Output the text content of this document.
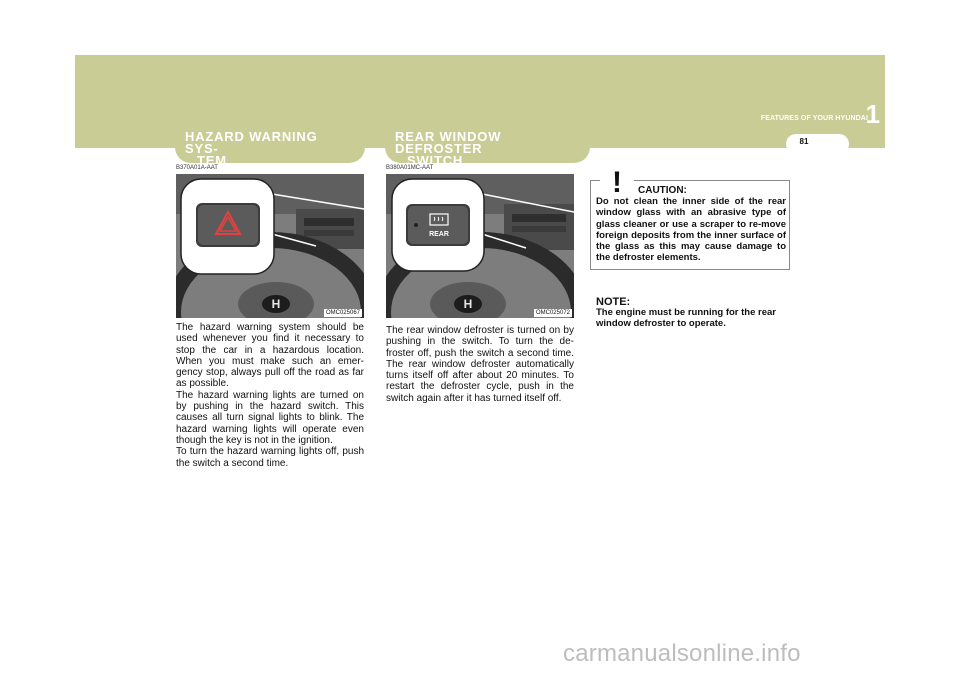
FEATURES OF YOUR HYUNDAI
1
81
HAZARD WARNING SYS-
TEM
B370A01A-AAT
H
OMC025067

The hazard warning system should be used whenever you find it necessary to stop the car in a hazardous location. When you must make such an emer-gency stop, always pull off the road as far as possible.

The hazard warning lights are turned on by pushing in the hazard switch. This causes all turn signal lights to blink. The hazard warning lights will operate even though the key is not in the ignition.

To turn the hazard warning lights off, push the switch a second time.

REAR WINDOW DEFROSTER
SWITCH
B380A01MC-AAT
H
REAR
OMC025072

The rear window defroster is turned on by pushing in the switch. To turn the de-froster off, push the switch a second time. The rear window defroster automatically turns itself off after about 20 minutes. To restart the defroster cycle, push in the switch again after it has turned itself off.

! CAUTION:
Do not clean the inner side of the rear window glass with an abrasive type of glass cleaner or use a scraper to re-move foreign deposits from the inner surface of the glass as this may cause damage to the defroster elements.
NOTE:
The engine must be running for the rear window defroster to operate.
carmanualsonline.info
